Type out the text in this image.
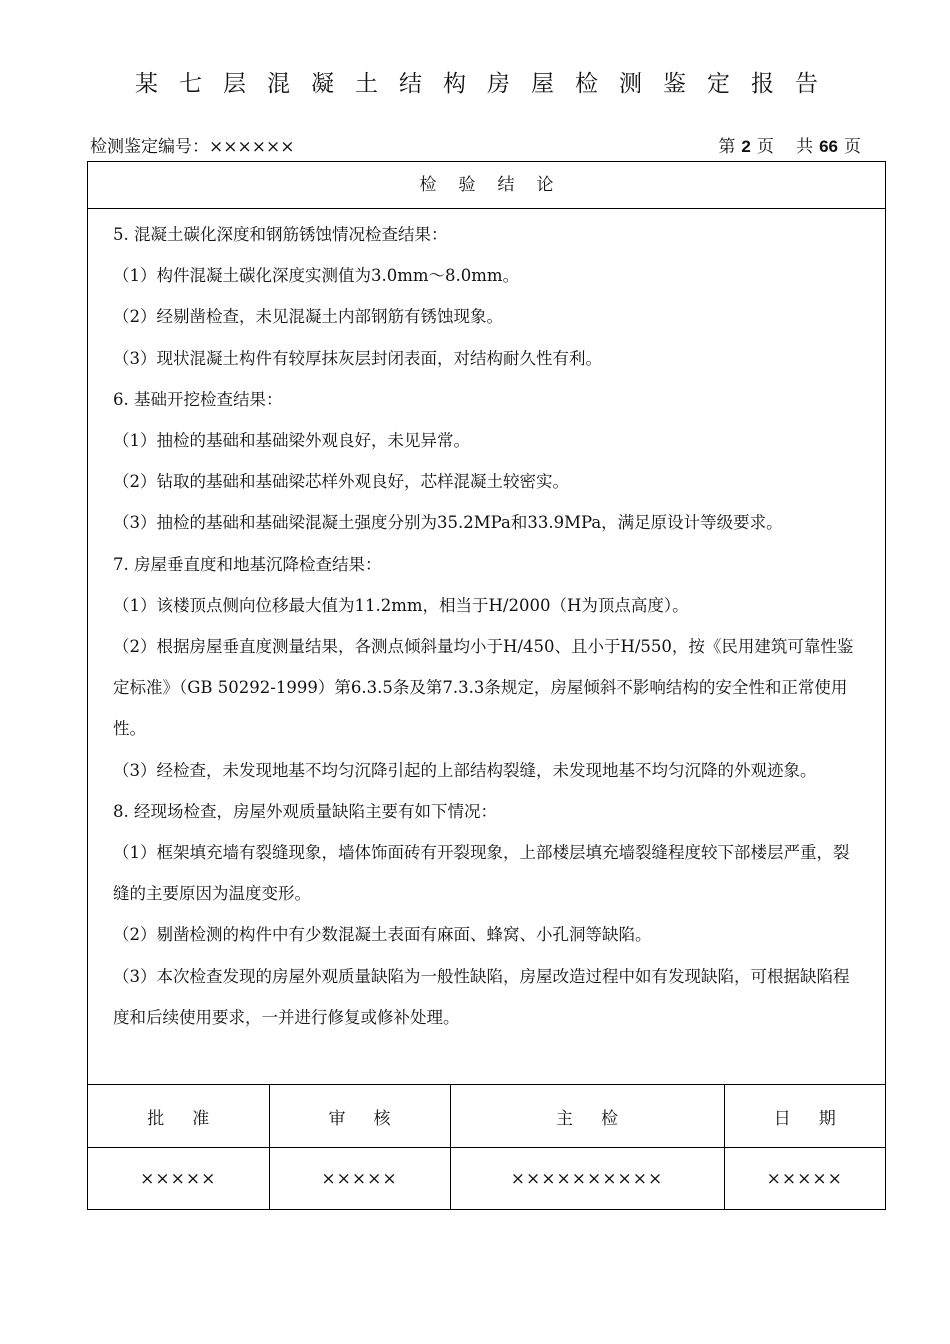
某七层混凝土结构房屋检测鉴定报告
检测鉴定编号：××××××	第 2 页 共 66 页
检验结论

5. 混凝土碳化深度和钢筋锈蚀情况检查结果：

（1）构件混凝土碳化深度实测值为3.0mm～8.0mm。

（2）经剔凿检查，未见混凝土内部钢筋有锈蚀现象。

（3）现状混凝土构件有较厚抹灰层封闭表面，对结构耐久性有利。

6. 基础开挖检查结果：

（1）抽检的基础和基础梁外观良好，未见异常。

（2）钻取的基础和基础梁芯样外观良好，芯样混凝土较密实。

（3）抽检的基础和基础梁混凝土强度分别为35.2MPa和33.9MPa，满足原设计等级要求。

7. 房屋垂直度和地基沉降检查结果：

（1）该楼顶点侧向位移最大值为11.2mm，相当于H/2000（H为顶点高度）。

（2）根据房屋垂直度测量结果，各测点倾斜量均小于H/450、且小于H/550，按《民用建筑可靠性鉴定标准》（GB 50292-1999）第6.3.5条及第7.3.3条规定，房屋倾斜不影响结构的安全性和正常使用性。

（3）经检查，未发现地基不均匀沉降引起的上部结构裂缝，未发现地基不均匀沉降的外观迹象。

8. 经现场检查，房屋外观质量缺陷主要有如下情况：

（1）框架填充墙有裂缝现象，墙体饰面砖有开裂现象，上部楼层填充墙裂缝程度较下部楼层严重，裂缝的主要原因为温度变形。

（2）剔凿检测的构件中有少数混凝土表面有麻面、蜂窝、小孔洞等缺陷。

（3）本次检查发现的房屋外观质量缺陷为一般性缺陷，房屋改造过程中如有发现缺陷，可根据缺陷程度和后续使用要求，一并进行修复或修补处理。

批准	审核	主检	日期
×××××	×××××	××××××××××	×××××
